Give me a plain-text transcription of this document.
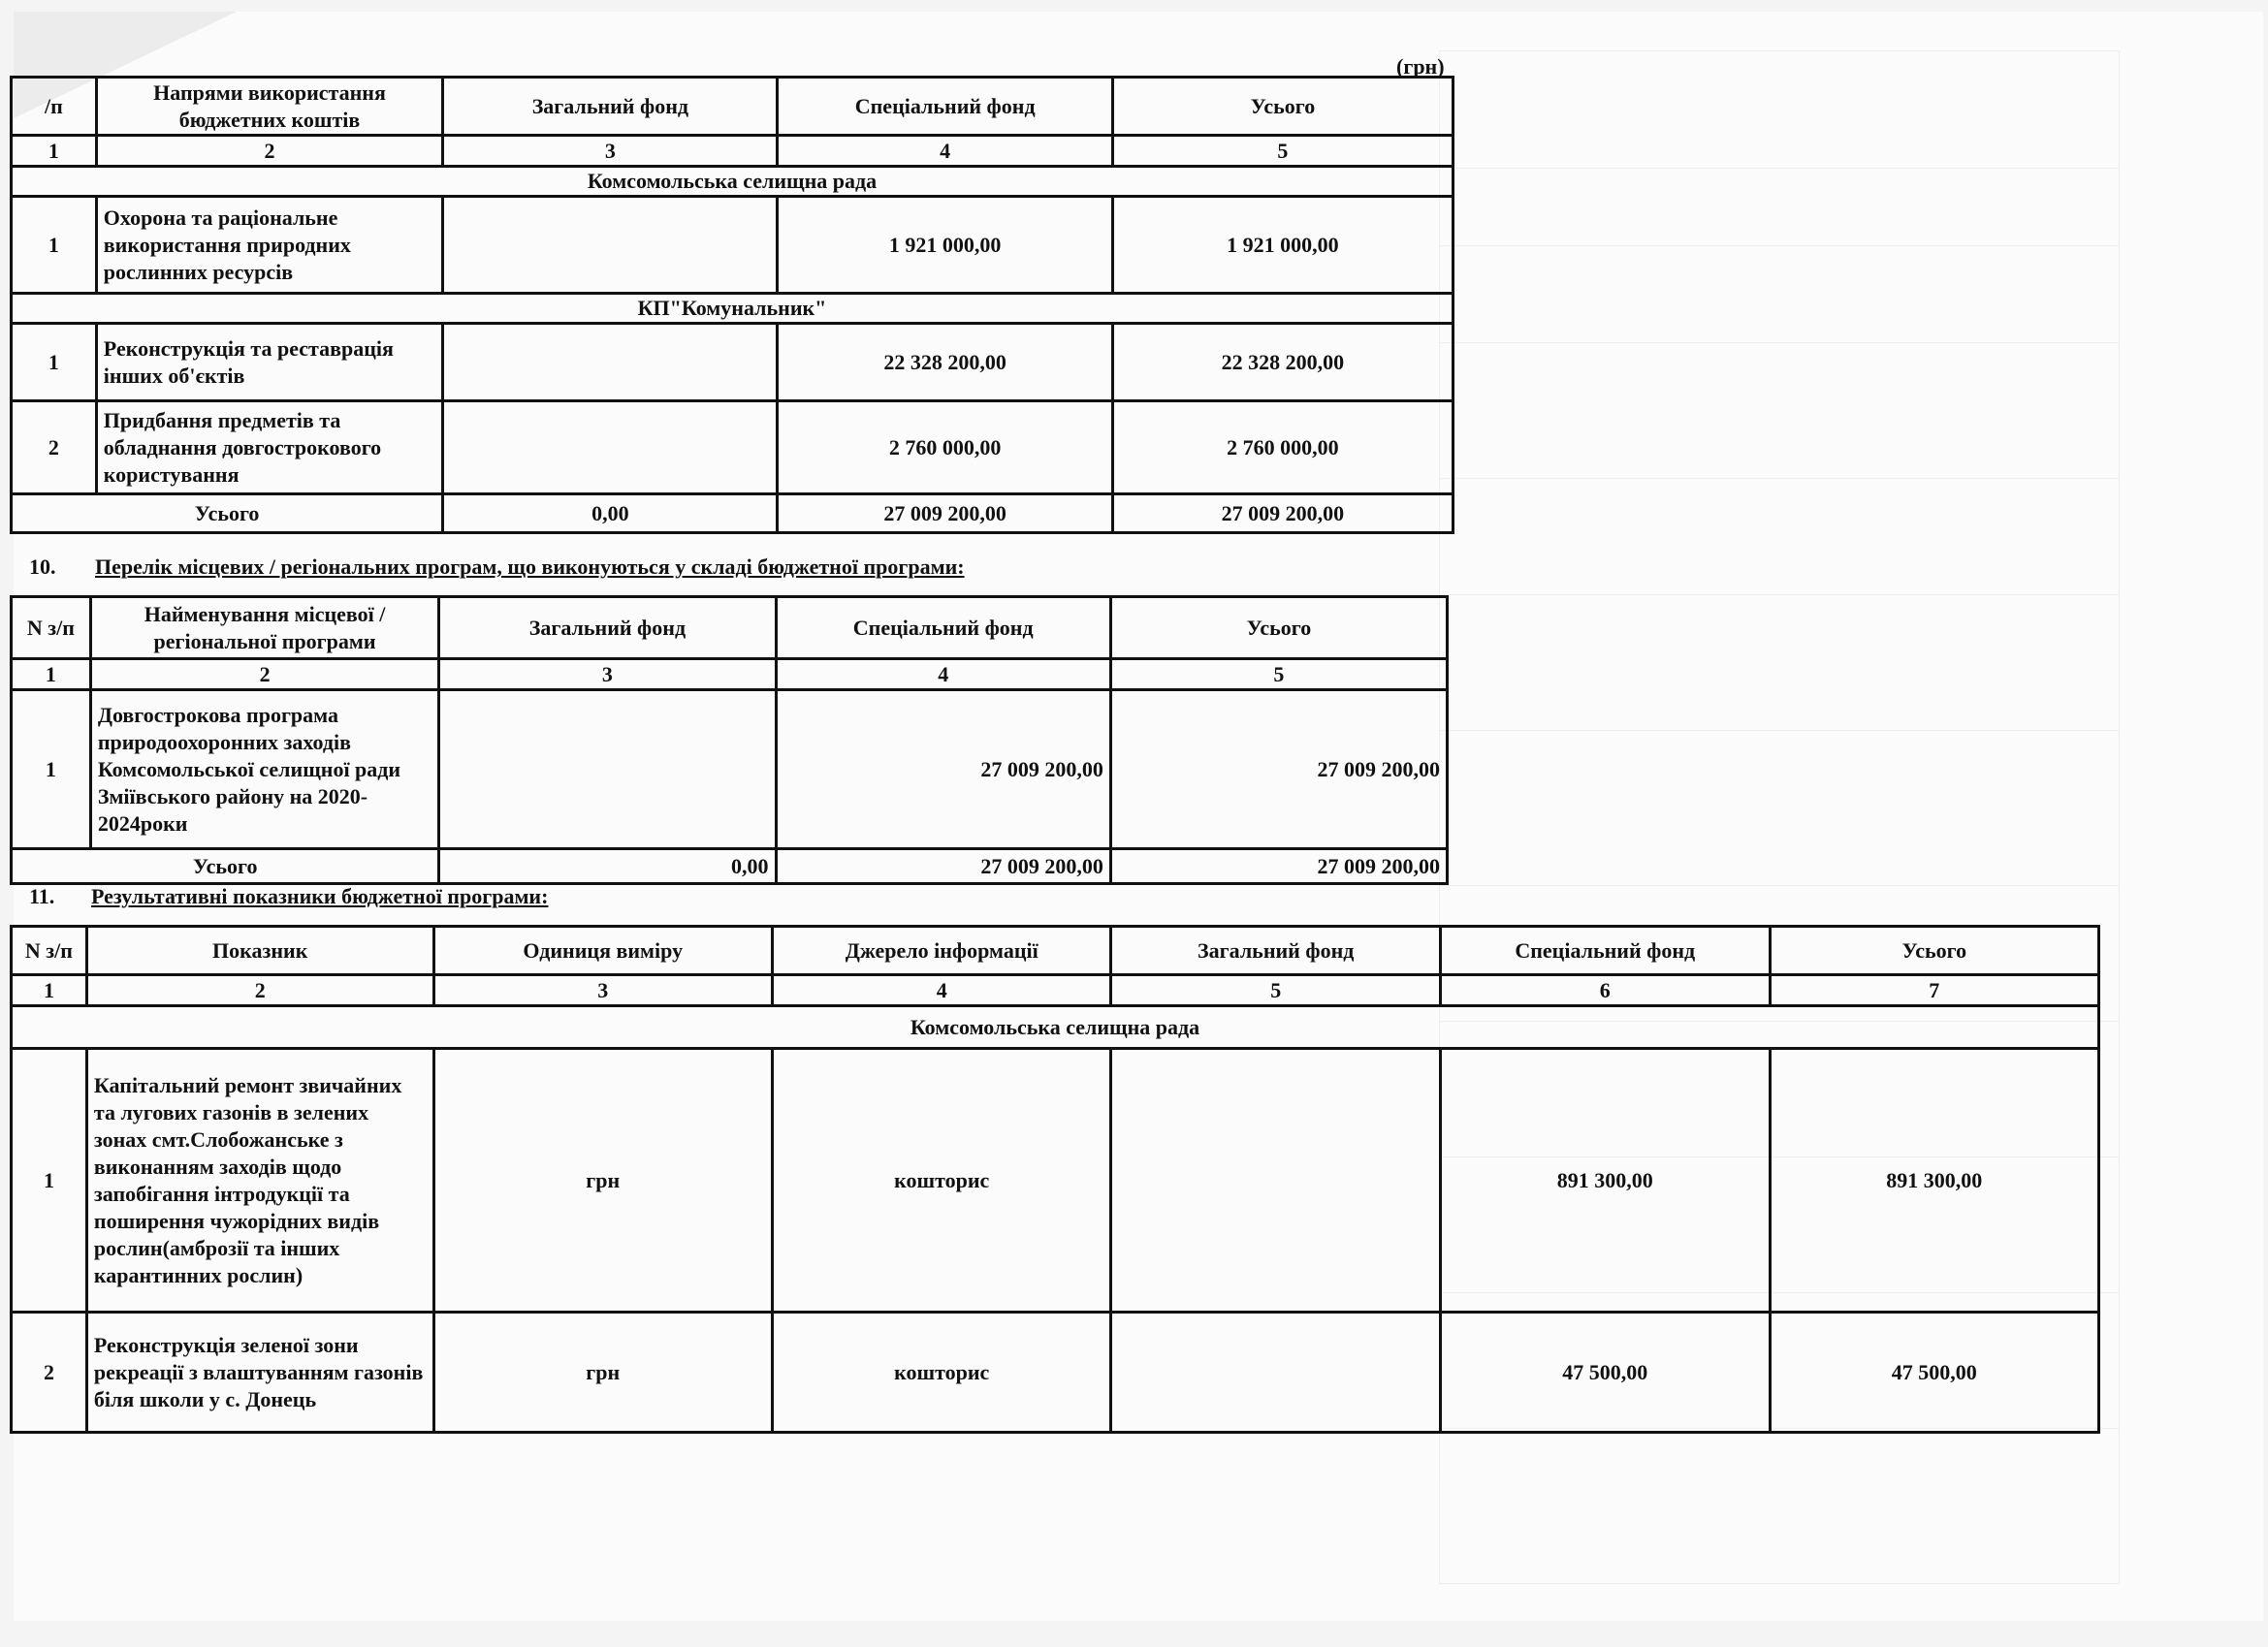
(грн)
/п	Напрями використання бюджетних коштів	Загальний фонд	Спеціальний фонд	Усього
1	2	3	4	5
Комсомольська селищна рада				
1	Охорона та раціональне використання природних рослинних ресурсів		1 921 000,00	1 921 000,00
КП"Комунальник"				
1	Реконструкція та реставрація інших об'єктів		22 328 200,00	22 328 200,00
2	Придбання предметів та обладнання довгострокового користування		2 760 000,00	2 760 000,00
Усього		0,00	27 009 200,00	27 009 200,00
10. Перелік місцевих / регіональних програм, що виконуються у складі бюджетної програми:
N з/п	Найменування місцевої / регіональної програми	Загальний фонд	Спеціальний фонд	Усього
1	2	3	4	5
1	Довгострокова програма природоохоронних заходів Комсомольської селищної ради Зміївського району на 2020-2024роки		27 009 200,00	27 009 200,00
Усього		0,00	27 009 200,00	27 009 200,00
11. Результативні показники бюджетної програми:
N з/п	Показник	Одиниця виміру	Джерело інформації	Загальний фонд	Спеціальний фонд	Усього
1	2	3	4	5	6	7
Комсомольська селищна рада						
1	Капітальний ремонт звичайних та лугових газонів в зелених зонах смт.Слобожанське з виконанням заходів щодо запобігання інтродукції та поширення чужорідних видів рослин(амброзії та інших карантинних рослин)	грн	кошторис		891 300,00	891 300,00
2	Реконструкція зеленої зони рекреації з влаштуванням газонів біля школи у с. Донець	грн	кошторис		47 500,00	47 500,00
